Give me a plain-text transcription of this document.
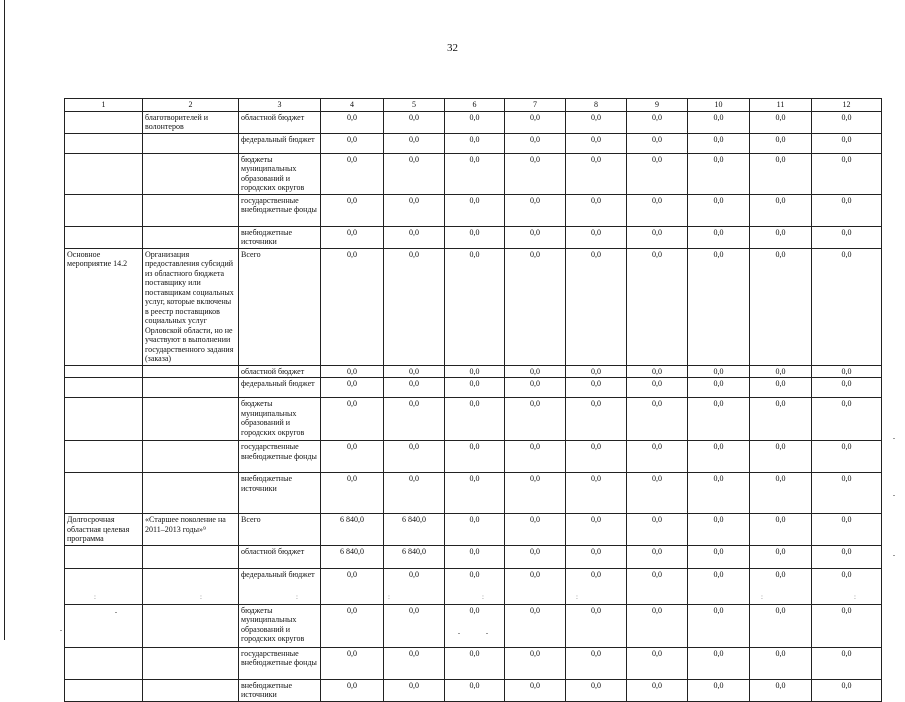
32
1	2	3	4	5	6	7	8	9	10	11	12
	благотворителей и волонтеров	областной бюджет	0,0	0,0	0,0	0,0	0,0	0,0	0,0	0,0	0,0
		федеральный бюджет	0,0	0,0	0,0	0,0	0,0	0,0	0,0	0,0	0,0
		бюджеты муниципальных образований и городских округов	0,0	0,0	0,0	0,0	0,0	0,0	0,0	0,0	0,0
		государственные внебюджетные фонды	0,0	0,0	0,0	0,0	0,0	0,0	0,0	0,0	0,0
		внебюджетные источники	0,0	0,0	0,0	0,0	0,0	0,0	0,0	0,0	0,0
Основное мероприятие 14.2	Организация предоставления субсидий из областного бюджета поставщику или поставщикам социальных услуг, которые включены в реестр поставщиков социальных услуг Орловской области, но не участвуют в выполнении государственного задания (заказа)	Всего	0,0	0,0	0,0	0,0	0,0	0,0	0,0	0,0	0,0
		областной бюджет	0,0	0,0	0,0	0,0	0,0	0,0	0,0	0,0	0,0
		федеральный бюджет	0,0	0,0	0,0	0,0	0,0	0,0	0,0	0,0	0,0
		бюджеты муниципальных образований и городских округов	0,0	0,0	0,0	0,0	0,0	0,0	0,0	0,0	0,0
		государственные внебюджетные фонды	0,0	0,0	0,0	0,0	0,0	0,0	0,0	0,0	0,0
		внебюджетные источники	0,0	0,0	0,0	0,0	0,0	0,0	0,0	0,0	0,0
Долгосрочная областная целевая программа	«Старшее поколение на 2011–2013 годы»⁹	Всего	6 840,0	6 840,0	0,0	0,0	0,0	0,0	0,0	0,0	0,0
		областной бюджет	6 840,0	6 840,0	0,0	0,0	0,0	0,0	0,0	0,0	0,0
		федеральный бюджет	0,0	0,0	0,0	0,0	0,0	0,0	0,0	0,0	0,0
		бюджеты муниципальных образований и городских округов	0,0	0,0	0,0	0,0	0,0	0,0	0,0	0,0	0,0
		государственные внебюджетные фонды	0,0	0,0	0,0	0,0	0,0	0,0	0,0	0,0	0,0
		внебюджетные источники	0,0	0,0	0,0	0,0	0,0	0,0	0,0	0,0	0,0
:	:	:	:	:	:	:	:
